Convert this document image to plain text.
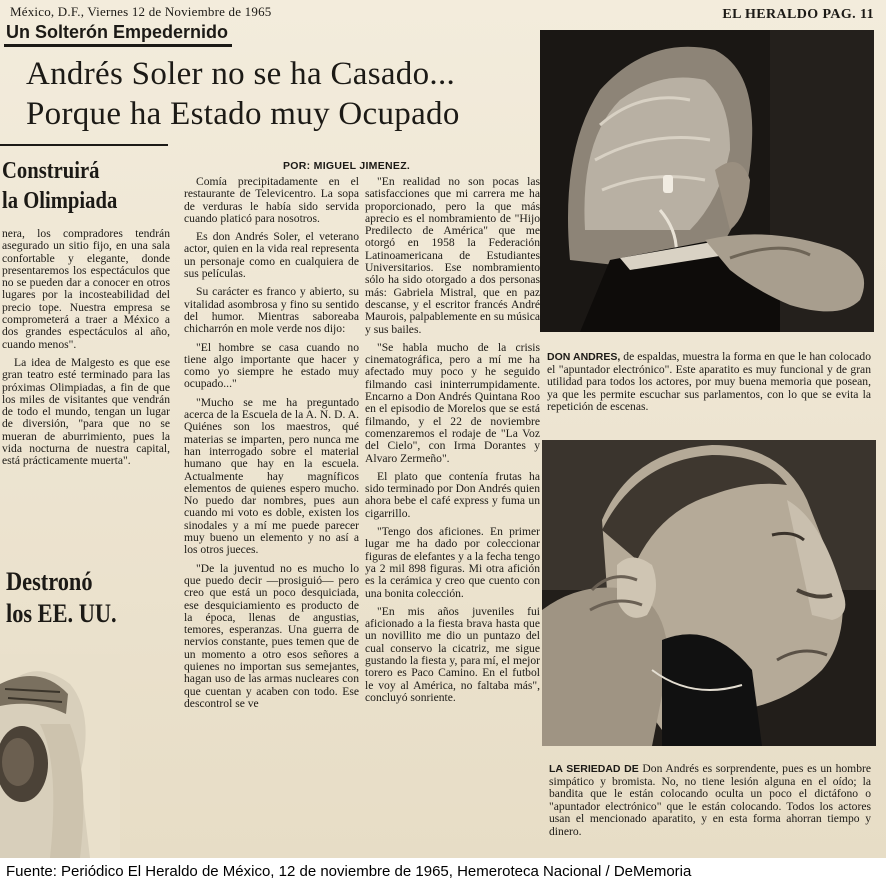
México, D.F., Viernes 12 de Noviembre de 1965	EL HERALDO PAG. 11
Un Solterón Empedernido
Andrés Soler no se ha Casado...
Porque ha Estado muy Ocupado
POR: MIGUEL JIMENEZ.
Construirá
la Olimpiada

nera, los compradores tendrán asegurado un sitio fijo, en una sala confortable y elegante, donde presentaremos los espectáculos que no se pueden dar a conocer en otros lugares por la incosteabilidad del precio tope. Nuestra empresa se comprometerá a traer a México a dos grandes espectáculos al año, cuando menos".

La idea de Malgesto es que ese gran teatro esté terminado para las próximas Olimpiadas, a fin de que los miles de visitantes que vendrán de todo el mundo, tengan un lugar de diversión, "para que no se mueran de aburrimiento, pues la vida nocturna de nuestra capital, está prácticamente muerta".

Destronó
los EE. UU.

Comía precipitadamente en el restaurante de Televicentro. La sopa de verduras le había sido servida cuando platicó para nosotros.

Es don Andrés Soler, el veterano actor, quien en la vida real representa un personaje como en cualquiera de sus películas.

Su carácter es franco y abierto, su vitalidad asombrosa y fino su sentido del humor. Mientras saboreaba chicharrón en mole verde nos dijo:

"El hombre se casa cuando no tiene algo importante que hacer y como yo siempre he estado muy ocupado..."

"Mucho se me ha preguntado acerca de la Escuela de la A. N. D. A. Quiénes son los maestros, qué materias se imparten, pero nunca me han interrogado sobre el material humano que hay en la escuela. Actualmente hay magníficos elementos de quienes espero mucho. No puedo dar nombres, pues aun cuando mi voto es doble, existen los sinodales y a mí me puede parecer muy bueno un elemento y no así a los otros jueces.

"De la juventud no es mucho lo que puedo decir —prosiguió— pero creo que está un poco desquiciada, ese desquiciamiento es producto de la época, llenas de angustias, temores, esperanzas. Una guerra de nervios constante, pues temen que de un momento a otro esos señores a quienes no importan sus semejantes, hagan uso de las armas nucleares con que cuentan y acaben con todo. Ese descontrol se ve

"En realidad no son pocas las satisfacciones que mi carrera me ha proporcionado, pero la que más aprecio es el nombramiento de "Hijo Predilecto de América" que me otorgó en 1958 la Federación Latinoamericana de Estudiantes Universitarios. Ese nombramiento sólo ha sido otorgado a dos personas más: Gabriela Mistral, que en paz descanse, y el escritor francés André Maurois, palpablemente en su música y sus bailes.

"Se habla mucho de la crisis cinematográfica, pero a mí me ha afectado muy poco y he seguido filmando casi ininterrumpidamente. Encarno a Don Andrés Quintana Roo en el episodio de Morelos que se está filmando, y el 22 de noviembre comenzaremos el rodaje de "La Voz del Cielo", con Irma Dorantes y Alvaro Zermeño".

El plato que contenía frutas ha sido terminado por Don Andrés quien ahora bebe el café express y fuma un cigarrillo.

"Tengo dos aficiones. En primer lugar me ha dado por coleccionar figuras de elefantes y a la fecha tengo ya 2 mil 898 figuras. Mi otra afición es la cerámica y creo que cuento con una bonita colección.

"En mis años juveniles fui aficionado a la fiesta brava hasta que un novillito me dio un puntazo del cual conservo la cicatriz, me sigue gustando la fiesta y, para mí, el mejor torero es Paco Camino. En el futbol le voy al América, no faltaba más", concluyó sonriente.

DON ANDRES, de espaldas, muestra la forma en que le han colocado el "apuntador electrónico". Este aparatito es muy funcional y de gran utilidad para todos los actores, por muy buena memoria que posean, ya que les permite escuchar sus parlamentos, con lo que se evita la repetición de escenas.
LA SERIEDAD DE Don Andrés es sorprendente, pues es un hombre simpático y bromista. No, no tiene lesión alguna en el oído; la bandita que le están colocando oculta un poco el dictáfono o "apuntador electrónico" que le están colocando. Todos los actores usan el mencionado aparatito, y en esta forma ahorran tiempo y dinero.
Fuente: Periódico El Heraldo de México, 12 de noviembre de 1965, Hemeroteca Nacional / DeMemoria
